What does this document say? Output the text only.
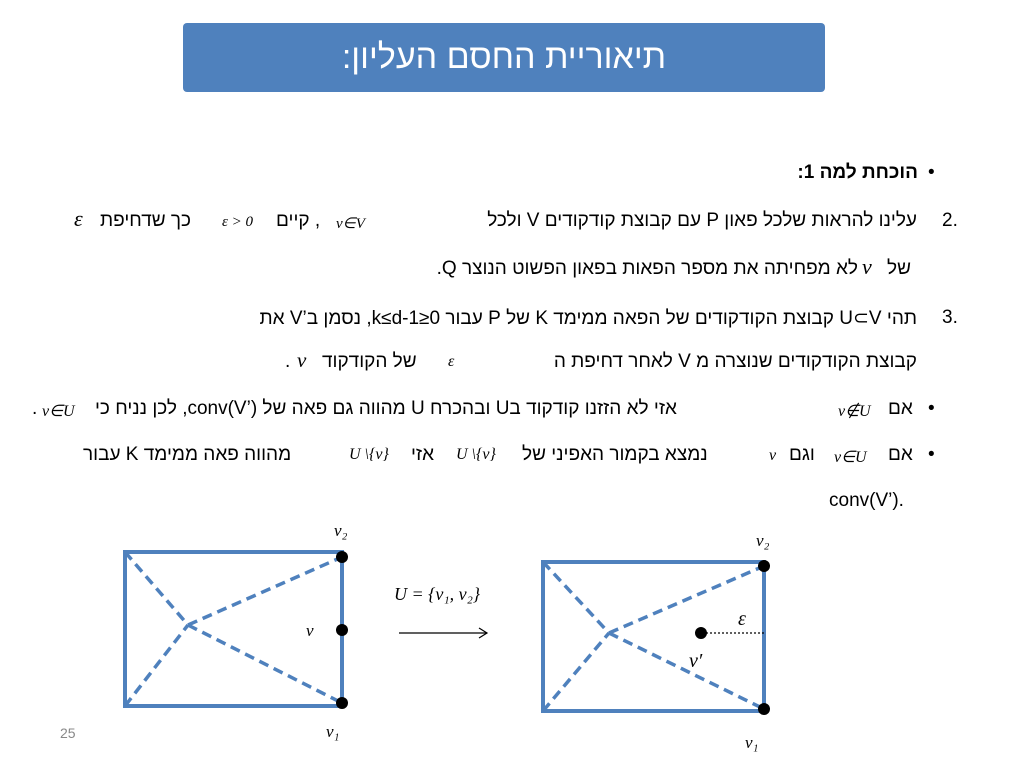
תיאוריית החסם העליון:
•
הוכחת למה 1:
2.
עלינו להראות שלכל פאון P עם קבוצת קודקודים V ולכל
v∈V
, קיים
ε > 0
כך שדחיפת
ε
של
v
לא מפחיתה את מספר הפאות בפאון הפשוט הנוצר Q.
3.
תהי U⊂V קבוצת הקודקודים של הפאה ממימד K של P עבור 0≤k≤d-1, נסמן ב’V את
קבוצת הקודקודים שנוצרה מ V לאחר דחיפת ה
ε
של הקודקוד
v
.
•
אם
v∉U
אזי לא הזזנו קודקוד בU ובהכרח U מהווה גם פאה של conv(V’), לכן נניח כי
v∈U
.
•
אם
v∈U
וגם
v
נמצא בקמור האפיני של
U \{v}
אזי
U \{v}
מהווה פאה ממימד K עבור
conv(V’).
v₂
v
v₁
U = {v₁, v₂}
v₂
ε
v′
v₁
25
